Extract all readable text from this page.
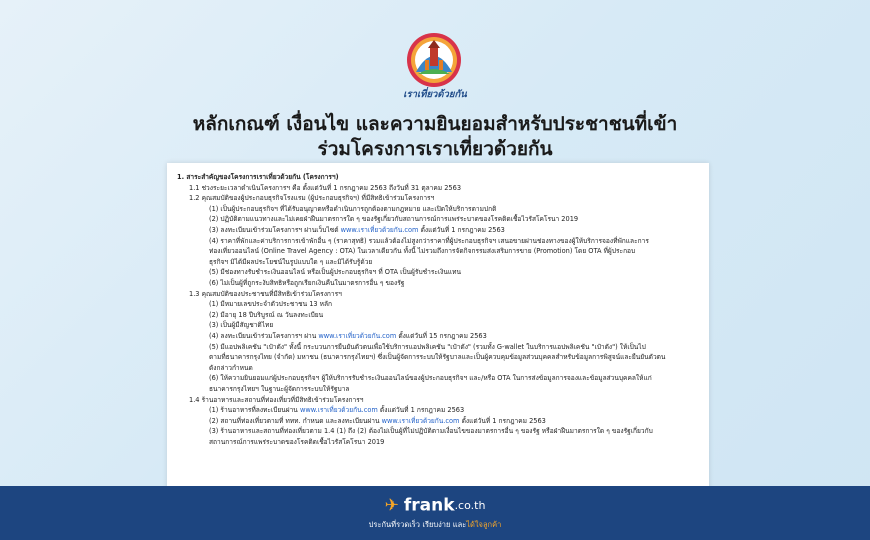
เราเที่ยวด้วยกัน
หลักเกณฑ์ เงื่อนไข และความยินยอมสำหรับประชาชนที่เข้า
ร่วมโครงการเราเที่ยวด้วยกัน
1. สาระสำคัญของโครงการเราเที่ยวด้วยกัน (โครงการฯ)
1.1 ช่วงระยะเวลาดำเนินโครงการฯ คือ ตั้งแต่วันที่ 1 กรกฎาคม 2563 ถึงวันที่ 31 ตุลาคม 2563
1.2 คุณสมบัติของผู้ประกอบธุรกิจโรงแรม (ผู้ประกอบธุรกิจฯ) ที่มีสิทธิเข้าร่วมโครงการฯ
(1) เป็นผู้ประกอบธุรกิจฯ ที่ได้รับอนุญาตหรือดำเนินการถูกต้องตามกฎหมาย และเปิดให้บริการตามปกติ
(2) ปฏิบัติตามแนวทางและไม่เคยฝ่าฝืนมาตรการใด ๆ ของรัฐเกี่ยวกับสถานการณ์การแพร่ระบาดของโรคติดเชื้อไวรัสโคโรนา 2019
(3) ลงทะเบียนเข้าร่วมโครงการฯ ผ่านเว็บไซต์ www.เราเที่ยวด้วยกัน.com ตั้งแต่วันที่ 1 กรกฎาคม 2563
(4) ราคาที่พักและค่าบริการการเข้าพักอื่น ๆ (ราคาสุทธิ) รวมแล้วต้องไม่สูงกว่าราคาที่ผู้ประกอบธุรกิจฯ เสนอขายผ่านช่องทางของผู้ให้บริการจองที่พักและการ
ท่องเที่ยวออนไลน์ (Online Travel Agency : OTA) ในเวลาเดียวกัน ทั้งนี้ ไม่รวมถึงการจัดกิจกรรมส่งเสริมการขาย (Promotion) โดย OTA ที่ผู้ประกอบ
ธุรกิจฯ มิได้มีผลประโยชน์ในรูปแบบใด ๆ และมิได้รับรู้ด้วย
(5) มีช่องทางรับชำระเงินออนไลน์ หรือเป็นผู้ประกอบธุรกิจฯ ที่ OTA เป็นผู้รับชำระเงินแทน
(6) ไม่เป็นผู้ที่ถูกระงับสิทธิหรือถูกเรียกเงินคืนในมาตรการอื่น ๆ ของรัฐ
1.3 คุณสมบัติของประชาชนที่มีสิทธิเข้าร่วมโครงการฯ
(1) มีหมายเลขประจำตัวประชาชน 13 หลัก
(2) มีอายุ 18 ปีบริบูรณ์ ณ วันลงทะเบียน
(3) เป็นผู้มีสัญชาติไทย
(4) ลงทะเบียนเข้าร่วมโครงการฯ ผ่าน www.เราเที่ยวด้วยกัน.com ตั้งแต่วันที่ 15 กรกฎาคม 2563
(5) มีแอปพลิเคชัน "เป๋าตัง" ทั้งนี้ กระบวนการยืนยันตัวตนเพื่อใช้บริการแอปพลิเคชัน "เป๋าตัง" (รวมทั้ง G-wallet ในบริการแอปพลิเคชัน "เป๋าตัง") ให้เป็นไป
ตามที่ธนาคารกรุงไทย (จำกัด) มหาชน (ธนาคารกรุงไทยฯ) ซึ่งเป็นผู้จัดการระบบให้รัฐบาลและเป็นผู้ควบคุมข้อมูลส่วนบุคคลสำหรับข้อมูลการพิสูจน์และยืนยันตัวตน
ดังกล่าวกำหนด
(6) ให้ความยินยอมแก่ผู้ประกอบธุรกิจฯ ผู้ให้บริการรับชำระเงินออนไลน์ของผู้ประกอบธุรกิจฯ และ/หรือ OTA ในการส่งข้อมูลการจองและข้อมูลส่วนบุคคลให้แก่
ธนาคารกรุงไทยฯ ในฐานะผู้จัดการระบบให้รัฐบาล
1.4 ร้านอาหารและสถานที่ท่องเที่ยวที่มีสิทธิเข้าร่วมโครงการฯ
(1) ร้านอาหารที่ลงทะเบียนผ่าน www.เราเที่ยวด้วยกัน.com ตั้งแต่วันที่ 1 กรกฎาคม 2563
(2) สถานที่ท่องเที่ยวตามที่ ททท. กำหนด และลงทะเบียนผ่าน www.เราเที่ยวด้วยกัน.com ตั้งแต่วันที่ 1 กรกฎาคม 2563
(3) ร้านอาหารและสถานที่ท่องเที่ยวตาม 1.4 (1) ถึง (2) ต้องไม่เป็นผู้ที่ไม่ปฏิบัติตามเงื่อนไขของมาตรการอื่น ๆ ของรัฐ หรือฝ่าฝืนมาตรการใด ๆ ของรัฐเกี่ยวกับ
สถานการณ์การแพร่ระบาดของโรคติดเชื้อไวรัสโคโรนา 2019
✈ frank.co.th
ประกันที่รวดเร็ว เรียบง่าย และได้ใจลูกค้า
